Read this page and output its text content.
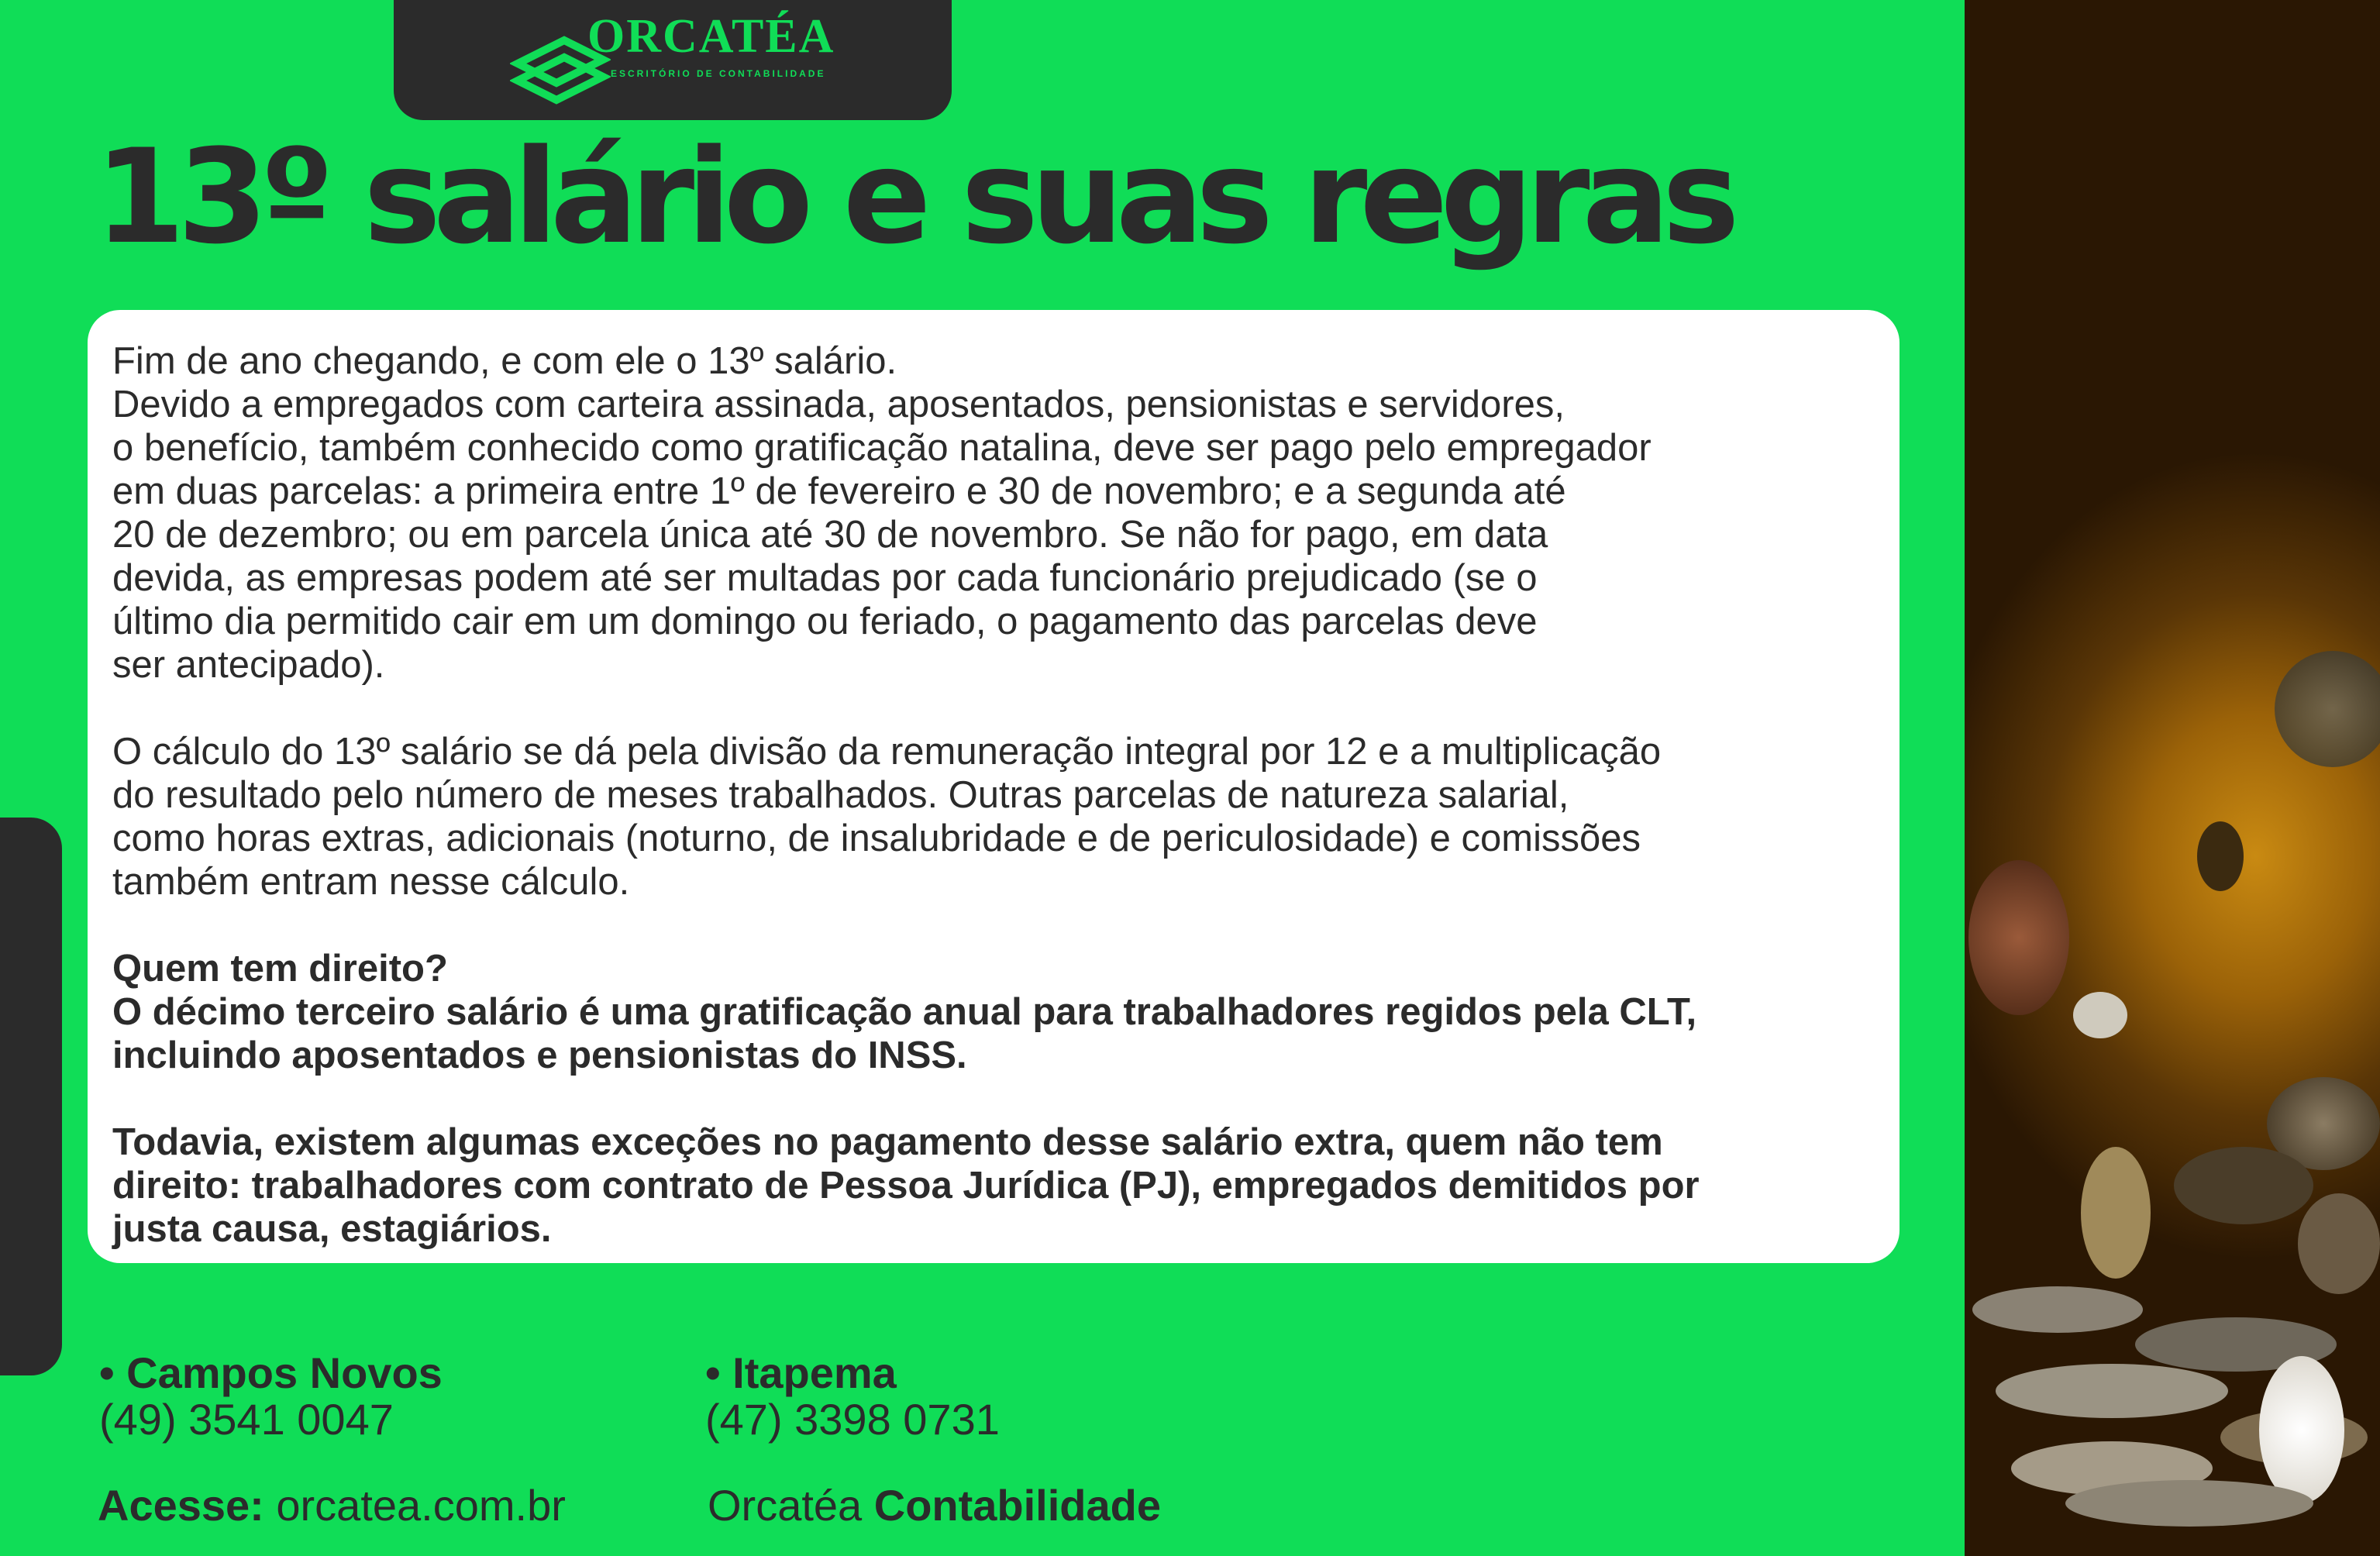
ORCATÉA
ESCRITÓRIO DE CONTABILIDADE
13º salário e suas regras

Fim de ano chegando, e com ele o 13º salário.
Devido a empregados com carteira assinada, aposentados, pensionistas e servidores,
o benefício, também conhecido como gratificação natalina, deve ser pago pelo empregador
em duas parcelas: a primeira entre 1º de fevereiro e 30 de novembro; e a segunda até
20 de dezembro; ou em parcela única até 30 de novembro. Se não for pago, em data
devida, as empresas podem até ser multadas por cada funcionário prejudicado (se o
último dia permitido cair em um domingo ou feriado, o pagamento das parcelas deve
ser antecipado).

O cálculo do 13º salário se dá pela divisão da remuneração integral por 12 e a multiplicação
do resultado pelo número de meses trabalhados. Outras parcelas de natureza salarial,
como horas extras, adicionais (noturno, de insalubridade e de periculosidade) e comissões
também entram nesse cálculo.

Quem tem direito?
O décimo terceiro salário é uma gratificação anual para trabalhadores regidos pela CLT,
incluindo aposentados e pensionistas do INSS.

Todavia, existem algumas exceções no pagamento desse salário extra, quem não tem
direito: trabalhadores com contrato de Pessoa Jurídica (PJ), empregados demitidos por
justa causa, estagiários.

• Campos Novos
(49) 3541 0047
• Itapema
(47) 3398 0731
Acesse: orcatea.com.br	Orcatéa Contabilidade
